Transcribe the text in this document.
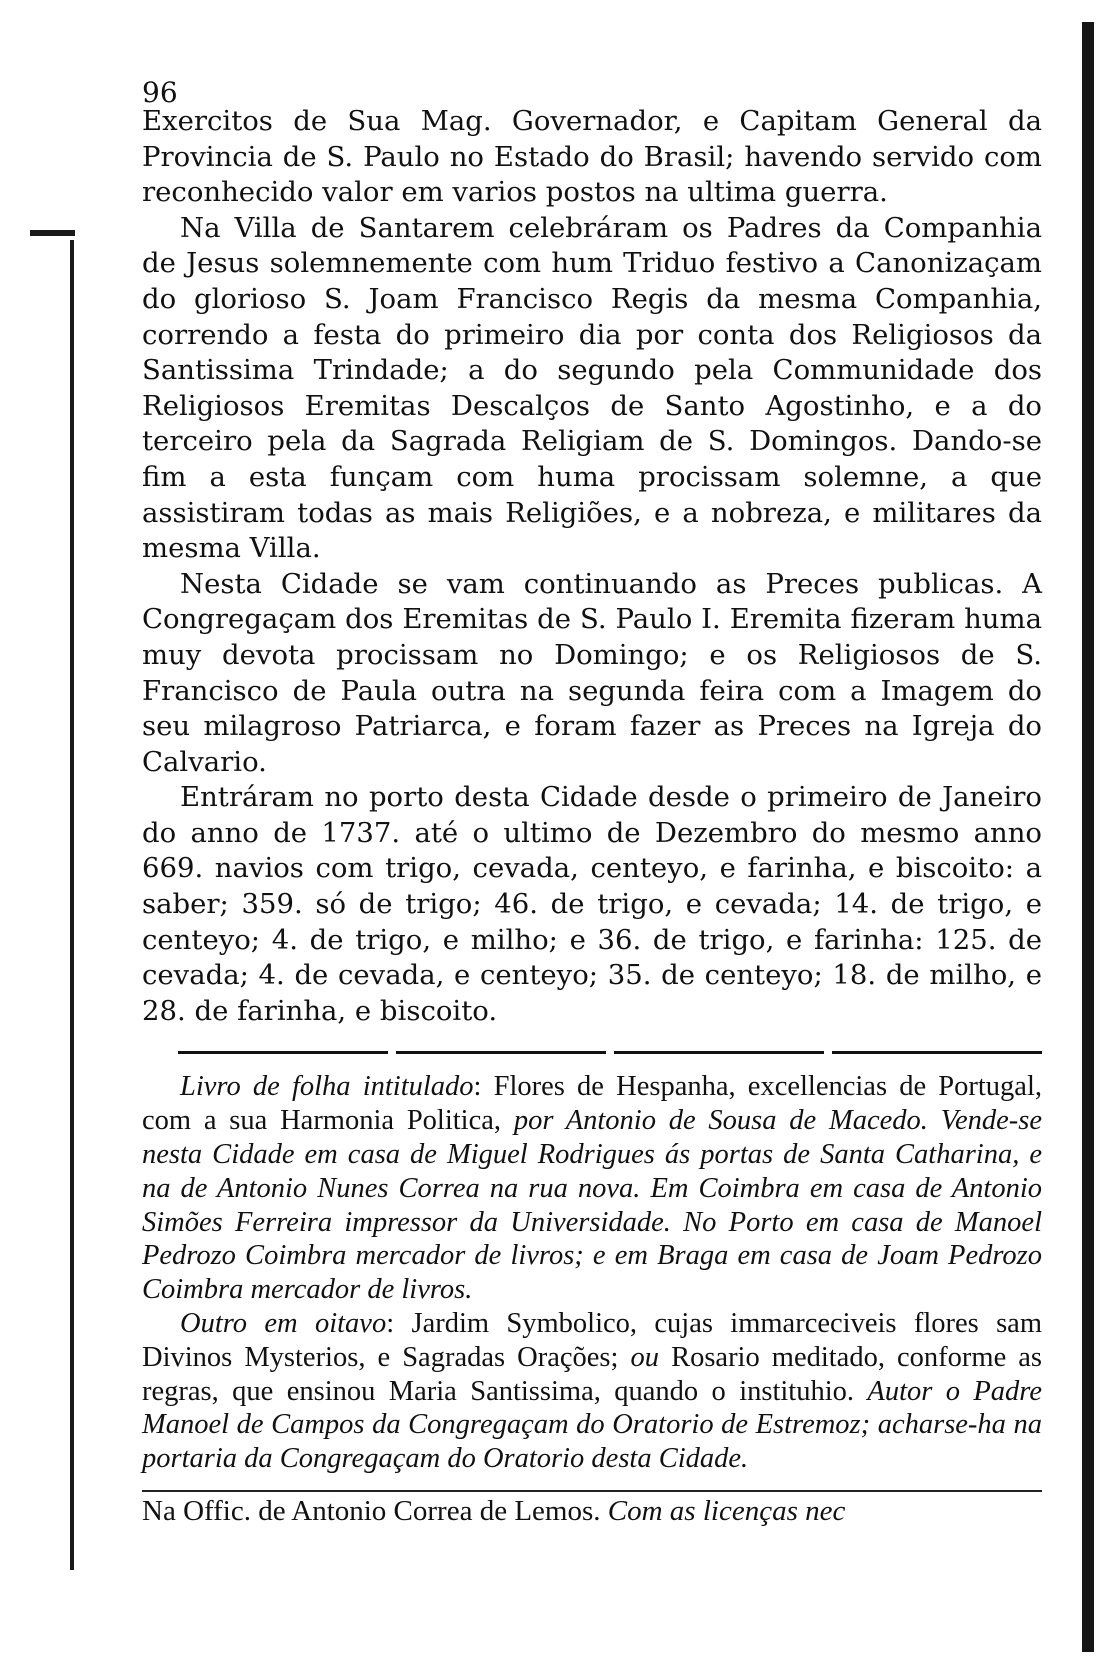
96

Exercitos de Sua Mag. Governador, e Capitam General da Provincia de S. Paulo no Estado do Brasil; havendo servido com reconhecido valor em varios postos na ultima guerra.

Na Villa de Santarem celebráram os Padres da Companhia de Jesus solemnemente com hum Triduo festivo a Canonizaçam do glorioso S. Joam Francisco Regis da mesma Companhia, correndo a festa do primeiro dia por conta dos Religiosos da Santissima Trindade; a do segundo pela Communidade dos Religiosos Eremitas Descalços de Santo Agostinho, e a do terceiro pela da Sagrada Religiam de S. Domingos. Dando-se fim a esta funçam com huma procissam solemne, a que assistiram todas as mais Religiões, e a nobreza, e militares da mesma Villa.

Nesta Cidade se vam continuando as Preces publicas. A Congregaçam dos Eremitas de S. Paulo I. Eremita fizeram huma muy devota procissam no Domingo; e os Religiosos de S. Francisco de Paula outra na segunda feira com a Imagem do seu milagroso Patriarca, e foram fazer as Preces na Igreja do Calvario.

Entráram no porto desta Cidade desde o primeiro de Janeiro do anno de 1737. até o ultimo de Dezembro do mesmo anno 669. navios com trigo, cevada, centeyo, e farinha, e biscoito: a saber; 359. só de trigo; 46. de trigo, e cevada; 14. de trigo, e centeyo; 4. de trigo, e milho; e 36. de trigo, e farinha: 125. de cevada; 4. de cevada, e centeyo; 35. de centeyo; 18. de milho, e 28. de farinha, e biscoito.

Livro de folha intitulado: Flores de Hespanha, excellencias de Portugal, com a sua Harmonia Politica, por Antonio de Sousa de Macedo. Vende-se nesta Cidade em casa de Miguel Rodrigues ás portas de Santa Catharina, e na de Antonio Nunes Correa na rua nova. Em Coimbra em casa de Antonio Simões Ferreira impressor da Universidade. No Porto em casa de Manoel Pedrozo Coimbra mercador de livros; e em Braga em casa de Joam Pedrozo Coimbra mercador de livros.

Outro em oitavo: Jardim Symbolico, cujas immarceciveis flores sam Divinos Mysterios, e Sagradas Orações; ou Rosario meditado, conforme as regras, que ensinou Maria Santissima, quando o instituhio. Autor o Padre Manoel de Campos da Congregaçam do Oratorio de Estremoz; acharse-ha na portaria da Congregaçam do Oratorio desta Cidade.

Na Offic. de Antonio Correa de Lemos. Com as licenças nec
